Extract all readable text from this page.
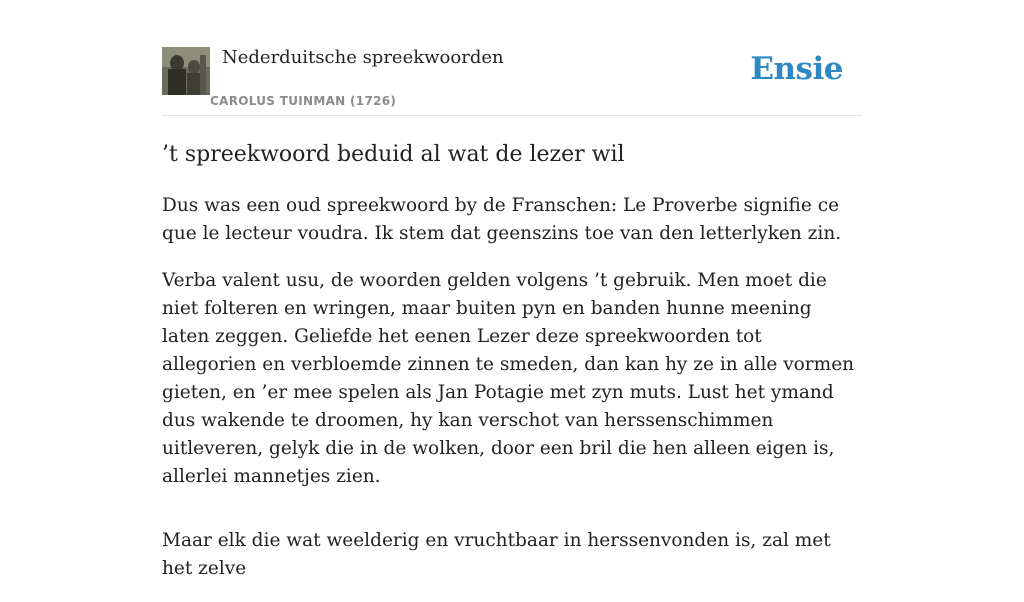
Nederduitsche spreekwoorden
CAROLUS TUINMAN (1726)
Ensie
’t spreekwoord beduid al wat de lezer wil

Dus was een oud spreekwoord by de Franschen: Le Proverbe signifie ce que le lecteur voudra. Ik stem dat geenszins toe van den letterlyken zin.

Verba valent usu, de woorden gelden volgens ’t gebruik. Men moet die niet folteren en wringen, maar buiten pyn en banden hunne meening laten zeggen. Geliefde het eenen Lezer deze spreekwoorden tot allegorien en verbloemde zinnen te smeden, dan kan hy ze in alle vormen gieten, en ’er mee spelen als Jan Potagie met zyn muts. Lust het ymand dus wakende te droomen, hy kan verschot van herssenschimmen uitleveren, gelyk die in de wolken, door een bril die hen alleen eigen is, allerlei mannetjes zien.

Maar elk die wat weelderig en vruchtbaar in herssenvonden is, zal met het zelve
